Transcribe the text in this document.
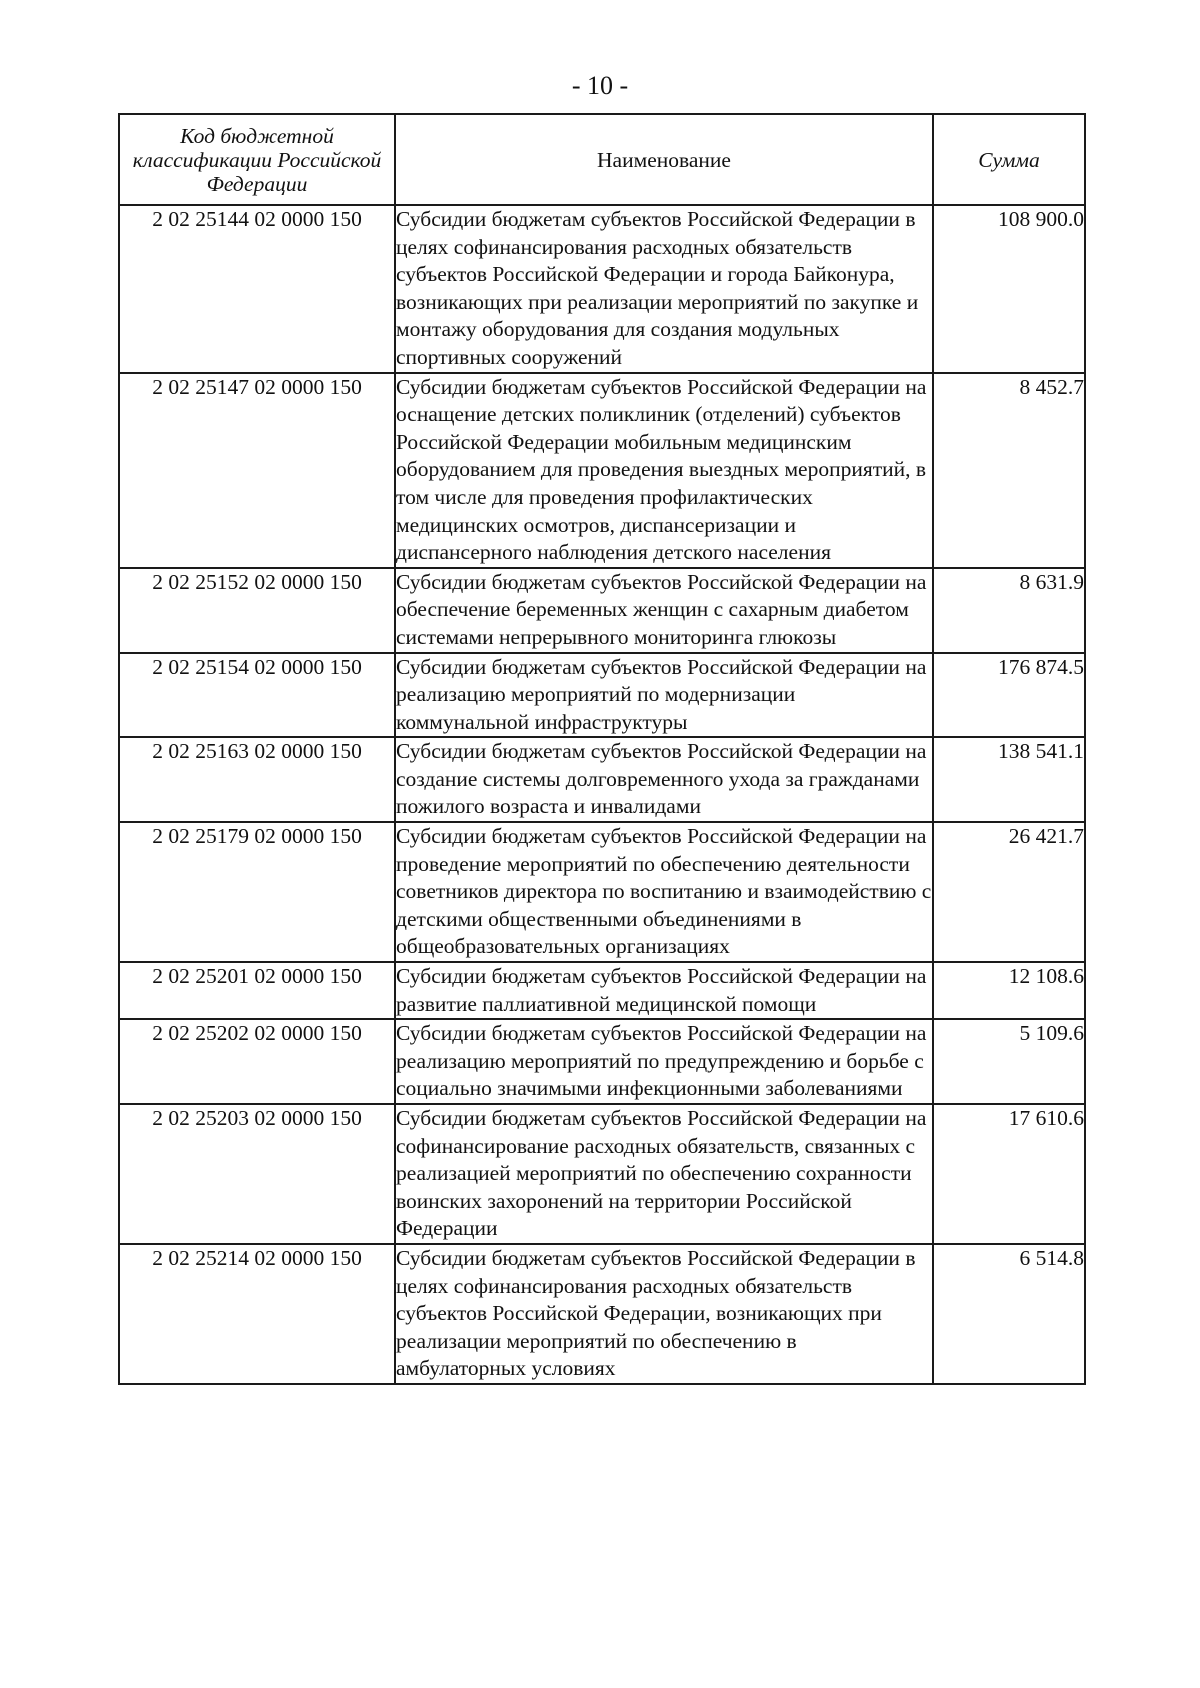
- 10 -
Код бюджетной классификации Российской Федерации	Наименование	Сумма
2 02 25144 02 0000 150	Субсидии бюджетам субъектов Российской Федерации в целях софинансирования расходных обязательств субъектов Российской Федерации и города Байконура, возникающих при реализации мероприятий по закупке и монтажу оборудования для создания модульных спортивных сооружений	108 900.0
2 02 25147 02 0000 150	Субсидии бюджетам субъектов Российской Федерации на оснащение детских поликлиник (отделений) субъектов Российской Федерации мобильным медицинским оборудованием для проведения выездных мероприятий, в том числе для проведения профилактических медицинских осмотров, диспансеризации и диспансерного наблюдения детского населения	8 452.7
2 02 25152 02 0000 150	Субсидии бюджетам субъектов Российской Федерации на обеспечение беременных женщин с сахарным диабетом системами непрерывного мониторинга глюкозы	8 631.9
2 02 25154 02 0000 150	Субсидии бюджетам субъектов Российской Федерации на реализацию мероприятий по модернизации коммунальной инфраструктуры	176 874.5
2 02 25163 02 0000 150	Субсидии бюджетам субъектов Российской Федерации на создание системы долговременного ухода за гражданами пожилого возраста и инвалидами	138 541.1
2 02 25179 02 0000 150	Субсидии бюджетам субъектов Российской Федерации на проведение мероприятий по обеспечению деятельности советников директора по воспитанию и взаимодействию с детскими общественными объединениями в общеобразовательных организациях	26 421.7
2 02 25201 02 0000 150	Субсидии бюджетам субъектов Российской Федерации на развитие паллиативной медицинской помощи	12 108.6
2 02 25202 02 0000 150	Субсидии бюджетам субъектов Российской Федерации на реализацию мероприятий по предупреждению и борьбе с социально значимыми инфекционными заболеваниями	5 109.6
2 02 25203 02 0000 150	Субсидии бюджетам субъектов Российской Федерации на софинансирование расходных обязательств, связанных с реализацией мероприятий по обеспечению сохранности воинских захоронений на территории Российской Федерации	17 610.6
2 02 25214 02 0000 150	Субсидии бюджетам субъектов Российской Федерации в целях софинансирования расходных обязательств субъектов Российской Федерации, возникающих при реализации мероприятий по обеспечению в амбулаторных условиях	6 514.8
